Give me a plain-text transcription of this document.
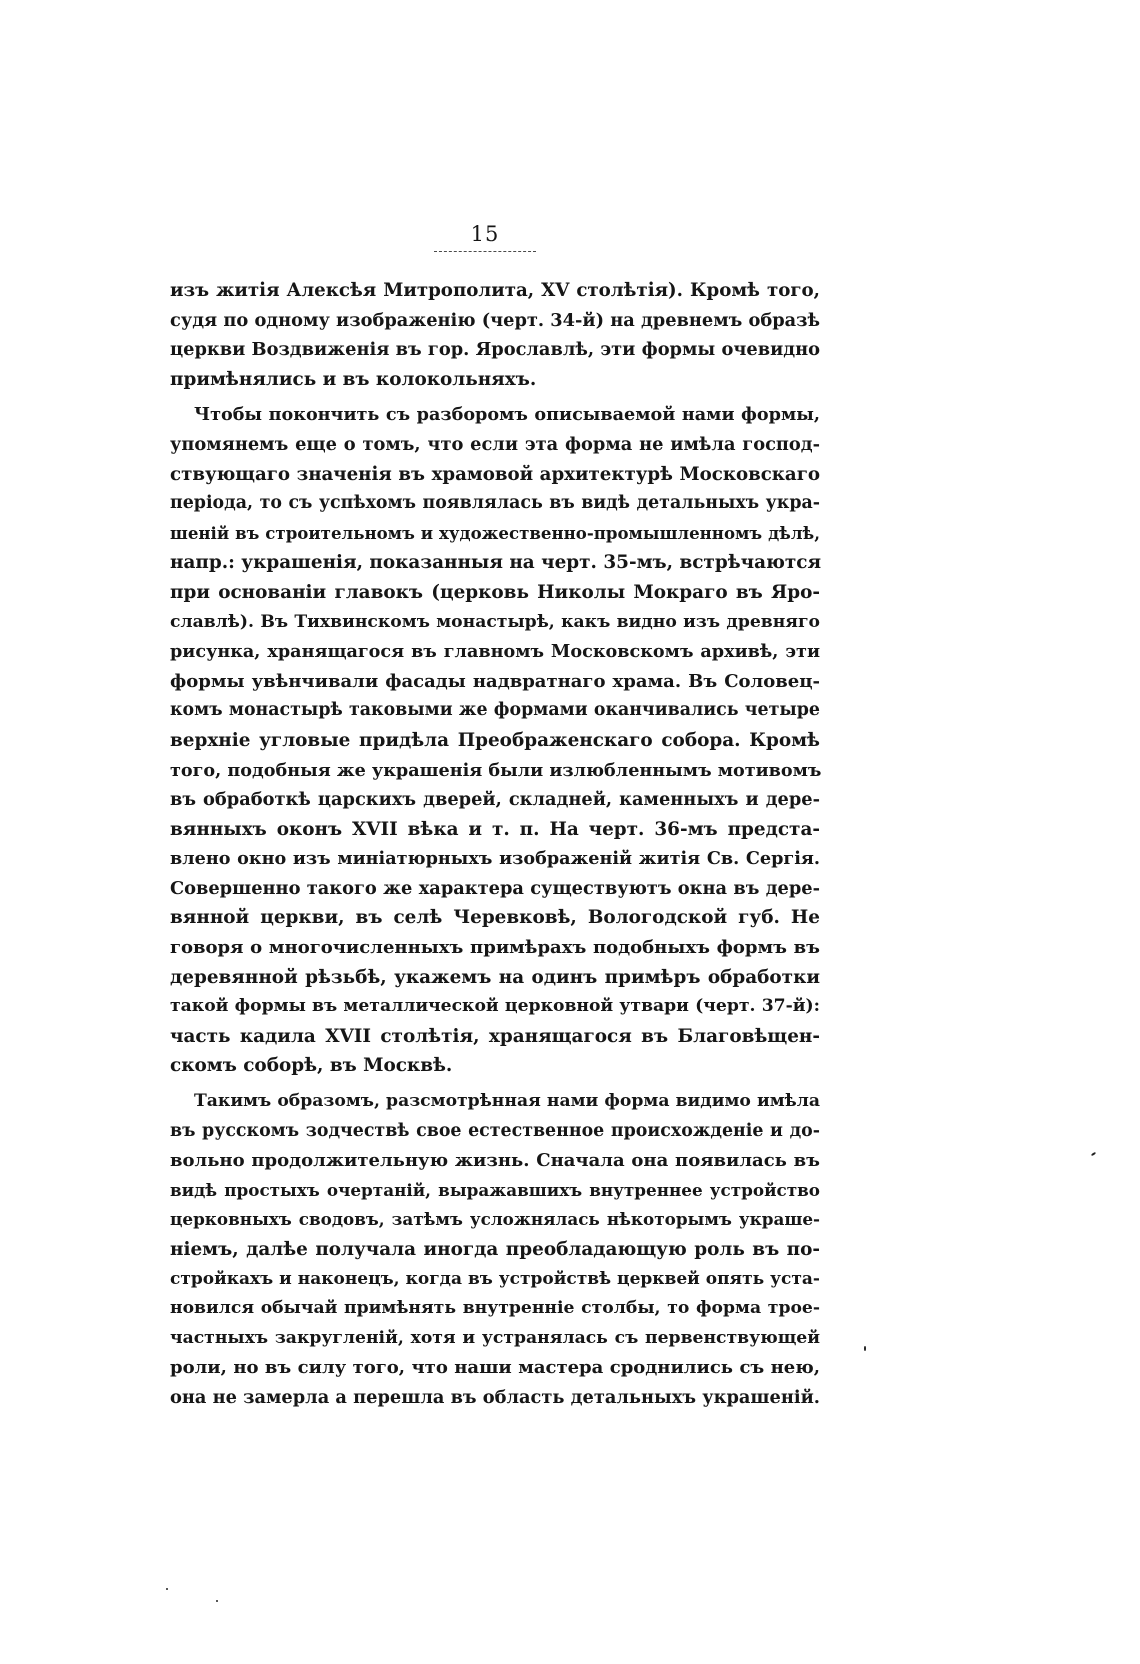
15
изъ житія Алексѣя Митрополита, XV столѣтія). Кромѣ того,
судя по одному изображенію (черт. 34-й) на древнемъ образѣ
церкви Воздвиженія въ гор. Ярославлѣ, эти формы очевидно
примѣнялись и въ колокольняхъ.
Чтобы покончить съ разборомъ описываемой нами формы,
упомянемъ еще о томъ, что если эта форма не имѣла господ-
ствующаго значенія въ храмовой архитектурѣ Московскаго
періода, то съ успѣхомъ появлялась въ видѣ детальныхъ укра-
шеній въ строительномъ и художественно-промышленномъ дѣлѣ,
напр.: украшенія, показанныя на черт. 35-мъ, встрѣчаются
при основаніи главокъ (церковь Николы Мокраго въ Яро-
славлѣ). Въ Тихвинскомъ монастырѣ, какъ видно изъ древняго
рисунка, хранящагося въ главномъ Московскомъ архивѣ, эти
формы увѣнчивали фасады надвратнаго храма. Въ Соловец-
комъ монастырѣ таковыми же формами оканчивались четыре
верхніе угловые придѣла Преображенскаго собора. Кромѣ
того, подобныя же украшенія были излюбленнымъ мотивомъ
въ обработкѣ царскихъ дверей, складней, каменныхъ и дере-
вянныхъ оконъ XVII вѣка и т. п. На черт. 36-мъ предста-
влено окно изъ миніатюрныхъ изображеній житія Св. Сергія.
Совершенно такого же характера существуютъ окна въ дере-
вянной церкви, въ селѣ Черевковѣ, Вологодской губ. Не
говоря о многочисленныхъ примѣрахъ подобныхъ формъ въ
деревянной рѣзьбѣ, укажемъ на одинъ примѣръ обработки
такой формы въ металлической церковной утвари (черт. 37-й):
часть кадила XVII столѣтія, хранящагося въ Благовѣщен-
скомъ соборѣ, въ Москвѣ.
Такимъ образомъ, разсмотрѣнная нами форма видимо имѣла
въ русскомъ зодчествѣ свое естественное происхожденіе и до-
вольно продолжительную жизнь. Сначала она появилась въ
видѣ простыхъ очертаній, выражавшихъ внутреннее устройство
церковныхъ сводовъ, затѣмъ усложнялась нѣкоторымъ украше-
ніемъ, далѣе получала иногда преобладающую роль въ по-
стройкахъ и наконецъ, когда въ устройствѣ церквей опять уста-
новился обычай примѣнять внутренніе столбы, то форма трое-
частныхъ закругленій, хотя и устранялась съ первенствующей
роли, но въ силу того, что наши мастера сроднились съ нею,
она не замерла а перешла въ область детальныхъ украшеній.
